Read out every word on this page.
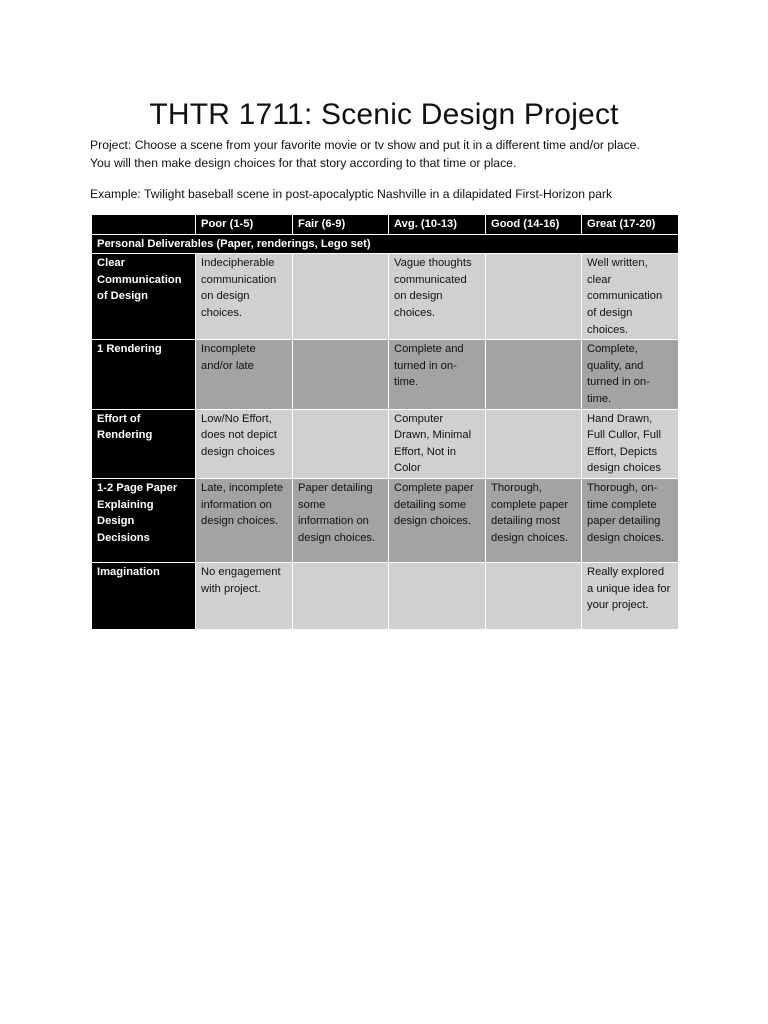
THTR 1711: Scenic Design Project
Project: Choose a scene from your favorite movie or tv show and put it in a different time and/or place.
You will then make design choices for that story according to that time or place.
Example: Twilight baseball scene in post-apocalyptic Nashville in a dilapidated First-Horizon park
	Poor (1-5)	Fair (6-9)	Avg. (10-13)	Good (14-16)	Great (17-20)
Personal Deliverables (Paper, renderings, Lego set)					
Clear Communication of Design	Indecipherable communication on design choices.		Vague thoughts communicated on design choices.		Well written, clear communication of design choices.
1 Rendering	Incomplete and/or late		Complete and turned in on-time.		Complete, quality, and turned in on-time.
Effort of Rendering	Low/No Effort, does not depict design choices		Computer Drawn, Minimal Effort, Not in Color		Hand Drawn, Full Cullor, Full Effort, Depicts design choices
1-2 Page Paper Explaining Design Decisions	Late, incomplete information on design choices.	Paper detailing some information on design choices.	Complete paper detailing some design choices.	Thorough, complete paper detailing most design choices.	Thorough, on-time complete paper detailing design choices.
Imagination	No engagement with project.				Really explored a unique idea for your project.
